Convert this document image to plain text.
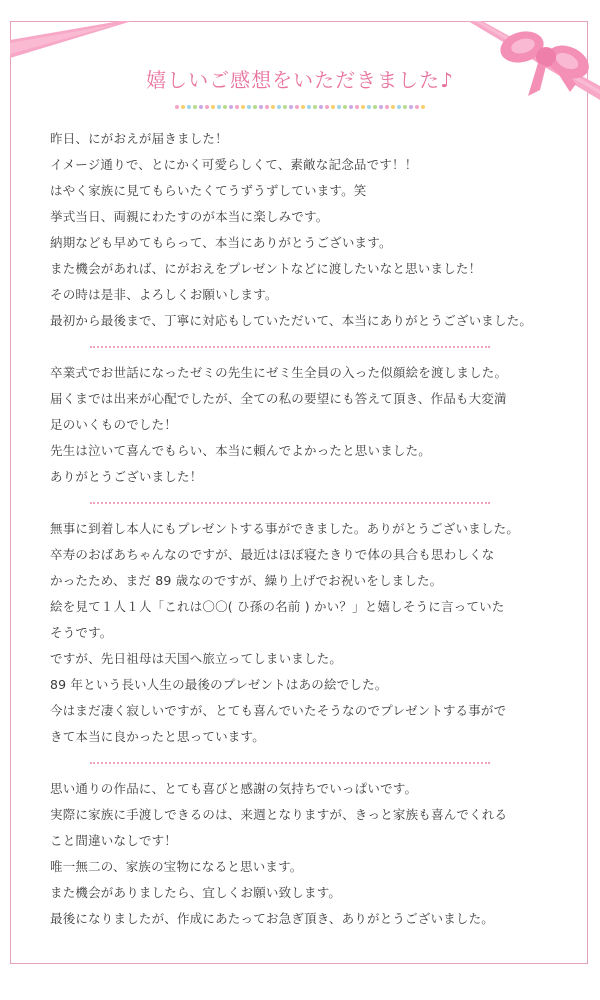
嬉しいご感想をいただきました♪
昨日、にがおえが届きました！
イメージ通りで、とにかく可愛らしくて、素敵な記念品です！！
はやく家族に見てもらいたくてうずうずしています。笑
挙式当日、両親にわたすのが本当に楽しみです。
納期なども早めてもらって、本当にありがとうございます。
また機会があれば、にがおえをプレゼントなどに渡したいなと思いました！
その時は是非、よろしくお願いします。
最初から最後まで、丁寧に対応もしていただいて、本当にありがとうございました。
卒業式でお世話になったゼミの先生にゼミ生全員の入った似顔絵を渡しました。
届くまでは出来が心配でしたが、全ての私の要望にも答えて頂き、作品も大変満
足のいくものでした！
先生は泣いて喜んでもらい、本当に頼んでよかったと思いました。
ありがとうございました！
無事に到着し本人にもプレゼントする事ができました。ありがとうございました。
卒寿のおばあちゃんなのですが、最近はほぼ寝たきりで体の具合も思わしくな
かったため、まだ 89 歳なのですが、繰り上げでお祝いをしました。
絵を見て１人１人「これは〇〇( ひ孫の名前 ) かい？」と嬉しそうに言っていた
そうです。
ですが、先日祖母は天国へ旅立ってしまいました。
89 年という長い人生の最後のプレゼントはあの絵でした。
今はまだ凄く寂しいですが、とても喜んでいたそうなのでプレゼントする事がで
きて本当に良かったと思っています。
思い通りの作品に、とても喜びと感謝の気持ちでいっぱいです。
実際に家族に手渡しできるのは、来週となりますが、きっと家族も喜んでくれる
こと間違いなしです！
唯一無二の、家族の宝物になると思います。
また機会がありましたら、宜しくお願い致します。
最後になりましたが、作成にあたってお急ぎ頂き、ありがとうございました。
